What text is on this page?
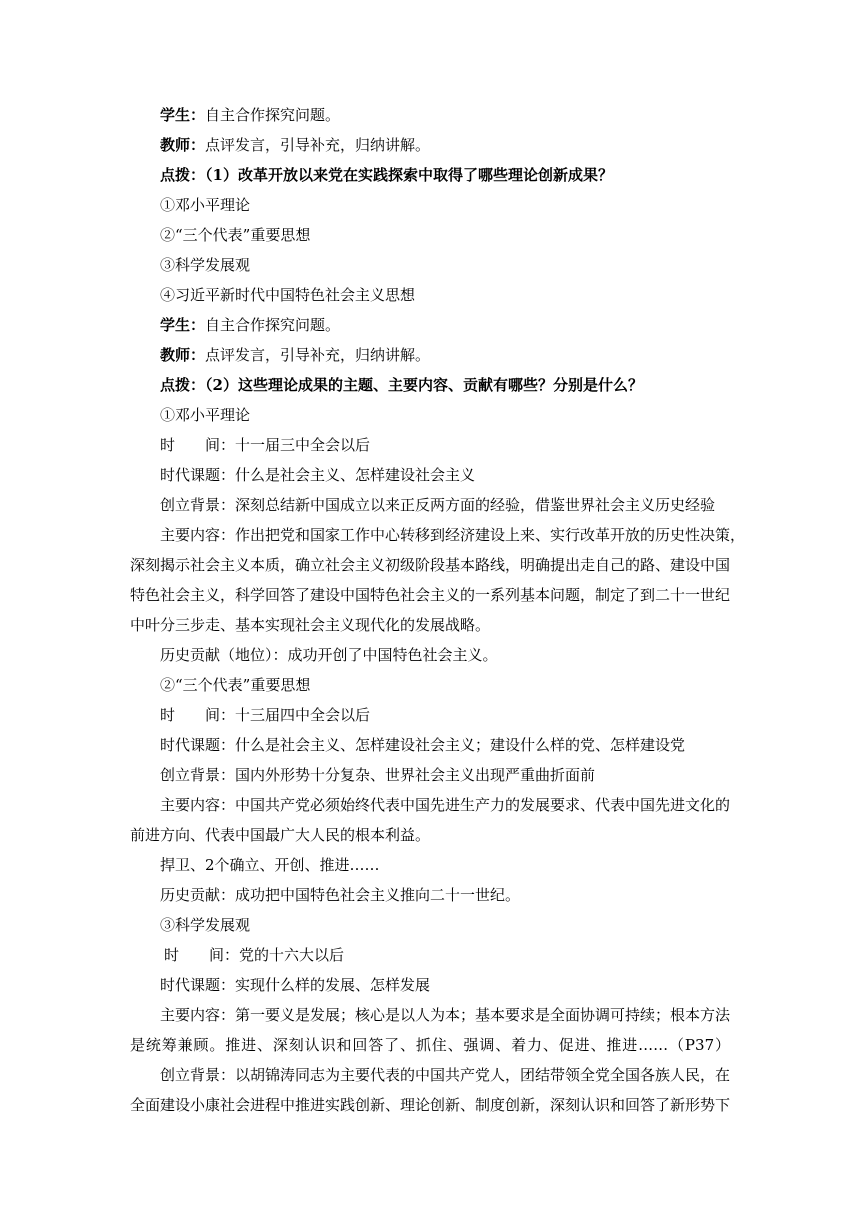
学生：自主合作探究问题。
教师：点评发言，引导补充，归纳讲解。
点拨：（1）改革开放以来党在实践探索中取得了哪些理论创新成果？
①邓小平理论
②“三个代表”重要思想
③科学发展观
④习近平新时代中国特色社会主义思想
学生：自主合作探究问题。
教师：点评发言，引导补充，归纳讲解。
点拨：（2）这些理论成果的主题、主要内容、贡献有哪些？分别是什么？
①邓小平理论
时　　间：十一届三中全会以后
时代课题：什么是社会主义、怎样建设社会主义
创立背景：深刻总结新中国成立以来正反两方面的经验，借鉴世界社会主义历史经验
主要内容：作出把党和国家工作中心转移到经济建设上来、实行改革开放的历史性决策，
深刻揭示社会主义本质，确立社会主义初级阶段基本路线，明确提出走自己的路、建设中国
特色社会主义，科学回答了建设中国特色社会主义的一系列基本问题，制定了到二十一世纪
中叶分三步走、基本实现社会主义现代化的发展战略。
历史贡献（地位）：成功开创了中国特色社会主义。
②“三个代表”重要思想
时　　间：十三届四中全会以后
时代课题：什么是社会主义、怎样建设社会主义；建设什么样的党、怎样建设党
创立背景：国内外形势十分复杂、世界社会主义出现严重曲折面前
主要内容：中国共产党必须始终代表中国先进生产力的发展要求、代表中国先进文化的
前进方向、代表中国最广大人民的根本利益。
捍卫、2个确立、开创、推进……
历史贡献：成功把中国特色社会主义推向二十一世纪。
③科学发展观
时　　间：党的十六大以后
时代课题：实现什么样的发展、怎样发展
主要内容：第一要义是发展；核心是以人为本；基本要求是全面协调可持续；根本方法
是统筹兼顾。推进、深刻认识和回答了、抓住、强调、着力、促进、推进……（P37）
创立背景：以胡锦涛同志为主要代表的中国共产党人，团结带领全党全国各族人民，在
全面建设小康社会进程中推进实践创新、理论创新、制度创新，深刻认识和回答了新形势下
